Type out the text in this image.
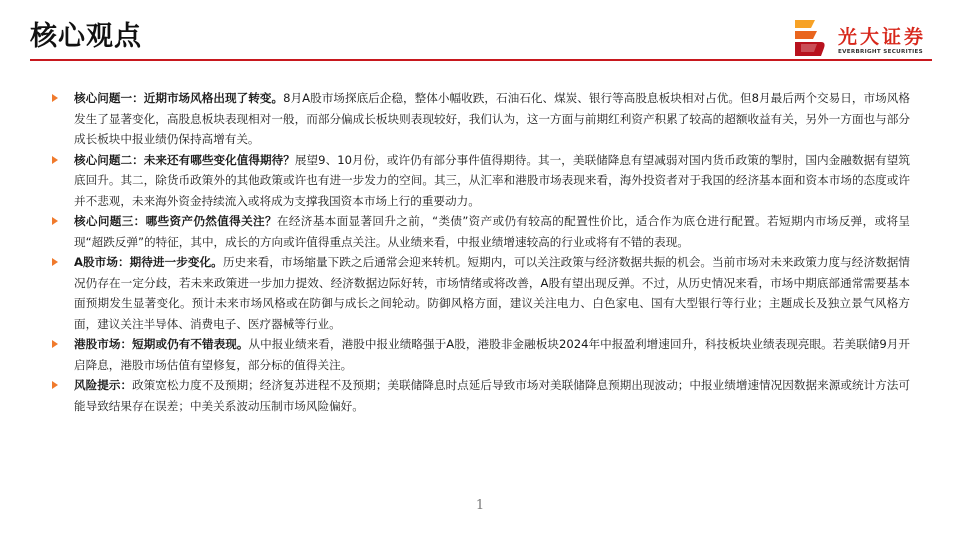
核心观点	光大证券
EVERBRIGHT SECURITIES
核心问题一：近期市场风格出现了转变。8月A股市场探底后企稳，整体小幅收跌，石油石化、煤炭、银行等高股息板块相对占优。但8月最后两个交易日，市场风格发生了显著变化，高股息板块表现相对一般，而部分偏成长板块则表现较好，我们认为，这一方面与前期红利资产积累了较高的超额收益有关，另外一方面也与部分成长板块中报业绩仍保持高增有关。
核心问题二：未来还有哪些变化值得期待？展望9、10月份，或许仍有部分事件值得期待。其一，美联储降息有望减弱对国内货币政策的掣肘，国内金融数据有望筑底回升。其二，除货币政策外的其他政策或许也有进一步发力的空间。其三，从汇率和港股市场表现来看，海外投资者对于我国的经济基本面和资本市场的态度或许并不悲观，未来海外资金持续流入或将成为支撑我国资本市场上行的重要动力。
核心问题三：哪些资产仍然值得关注？在经济基本面显著回升之前，“类债”资产或仍有较高的配置性价比，适合作为底仓进行配置。若短期内市场反弹，或将呈现“超跌反弹”的特征，其中，成长的方向或许值得重点关注。从业绩来看，中报业绩增速较高的行业或将有不错的表现。
A股市场：期待进一步变化。历史来看，市场缩量下跌之后通常会迎来转机。短期内，可以关注政策与经济数据共振的机会。当前市场对未来政策力度与经济数据情况仍存在一定分歧，若未来政策进一步加力提效、经济数据边际好转，市场情绪或将改善，A股有望出现反弹。不过，从历史情况来看，市场中期底部通常需要基本面预期发生显著变化。预计未来市场风格或在防御与成长之间轮动。防御风格方面，建议关注电力、白色家电、国有大型银行等行业；主题成长及独立景气风格方面，建议关注半导体、消费电子、医疗器械等行业。
港股市场：短期或仍有不错表现。从中报业绩来看，港股中报业绩略强于A股，港股非金融板块2024年中报盈利增速回升，科技板块业绩表现亮眼。若美联储9月开启降息，港股市场估值有望修复，部分标的值得关注。
风险提示：政策宽松力度不及预期；经济复苏进程不及预期；美联储降息时点延后导致市场对美联储降息预期出现波动；中报业绩增速情况因数据来源或统计方法可能导致结果存在误差；中美关系波动压制市场风险偏好。
1
